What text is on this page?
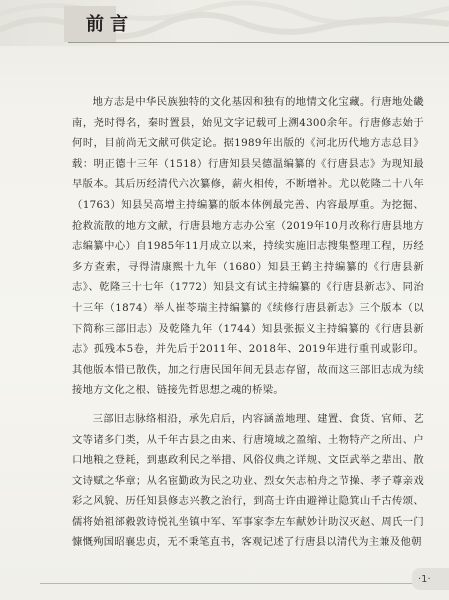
前言

地方志是中华民族独特的文化基因和独有的地情文化宝藏。行唐地处畿南，尧时得名，秦时置县，始见文字记载可上溯4300余年。行唐修志始于何时，目前尚无文献可供定论。据1989年出版的《河北历代地方志总目》载：明正德十三年（1518）行唐知县吴德温编纂的《行唐县志》为现知最早版本。其后历经清代六次纂修，薪火相传，不断增补。尤以乾隆二十八年（1763）知县吴高增主持编纂的版本体例最完善、内容最厚重。为挖掘、抢救流散的地方文献，行唐县地方志办公室（2019年10月改称行唐县地方志编纂中心）自1985年11月成立以来，持续实施旧志搜集整理工程，历经多方查索，寻得清康熙十九年（1680）知县王鹤主持编纂的《行唐县新志》、乾隆三十七年（1772）知县文有试主持编纂的《行唐县新志》、同治十三年（1874）举人崔苓瑞主持编纂的《续修行唐县新志》三个版本（以下简称三部旧志）及乾隆九年（1744）知县张振义主持编纂的《行唐县新志》孤残本5卷，并先后于2011年、2018年、2019年进行重刊或影印。其他版本惜已散佚，加之行唐民国年间无县志存留，故而这三部旧志成为续接地方文化之根、链接先哲思想之魂的桥梁。

三部旧志脉络相沿，承先启后，内容涵盖地理、建置、食货、官师、艺文等诸多门类，从千年古县之由来、行唐境域之盈缩、土物特产之所出、户口地粮之登耗，到惠政利民之举措、风俗仪典之详规、文臣武举之辈出、散文诗赋之华章；从名宦勤政为民之功业、烈女矢志柏舟之节操、孝子尊亲戏彩之风貌、历任知县修志兴教之治行，到高士许由避禅让隐箕山千古传颂、儒将始祖郤縠敦诗悦礼坐镇中军、军事家李左车献妙计助汉灭赵、周氏一门慷慨殉国昭襄忠贞，无不秉笔直书，客观记述了行唐县以清代为主兼及他朝

·1·
